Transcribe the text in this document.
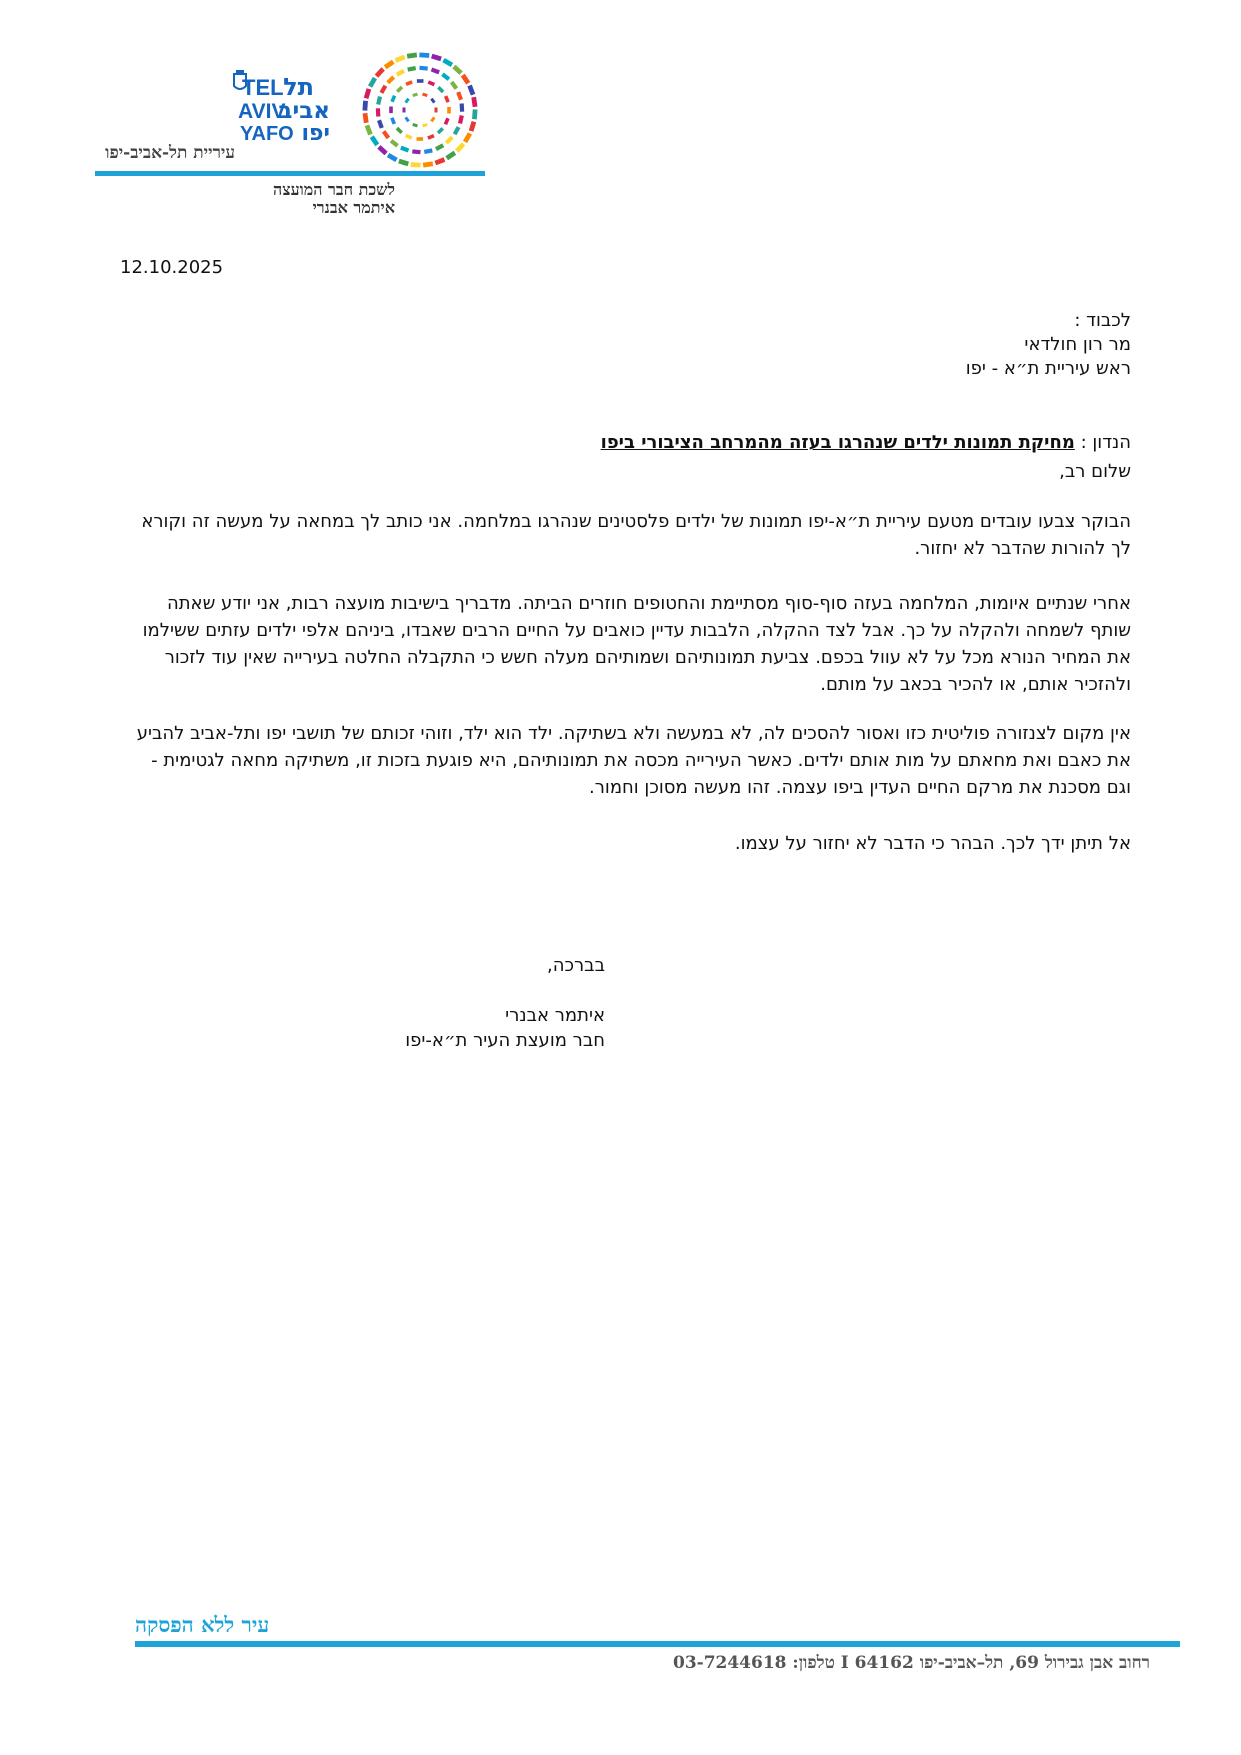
TEL
AVIV
YAFO
תל
אביב
יפו
עיריית תל-אביב-יפו
לשכת חבר המועצה
איתמר אבנרי
12.10.2025
לכבוד :
מר רון חולדאי
ראש עיריית ת״א - יפו
הנדון : מחיקת תמונות ילדים שנהרגו בעזה מהמרחב הציבורי ביפו
שלום רב,
הבוקר צבעו עובדים מטעם עיריית ת״א-יפו תמונות של ילדים פלסטינים שנהרגו במלחמה. אני כותב לך במחאה על מעשה זה וקורא לך להורות שהדבר לא יחזור.
אחרי שנתיים איומות, המלחמה בעזה סוף-סוף מסתיימת והחטופים חוזרים הביתה. מדבריך בישיבות מועצה רבות, אני יודע שאתה שותף לשמחה ולהקלה על כך. אבל לצד ההקלה, הלבבות עדיין כואבים על החיים הרבים שאבדו, ביניהם אלפי ילדים עזתים ששילמו את המחיר הנורא מכל על לא עוול בכפם. צביעת תמונותיהם ושמותיהם מעלה חשש כי התקבלה החלטה בעירייה שאין עוד לזכור ולהזכיר אותם, או להכיר בכאב על מותם.
אין מקום לצנזורה פוליטית כזו ואסור להסכים לה, לא במעשה ולא בשתיקה. ילד הוא ילד, וזוהי זכותם של תושבי יפו ותל-אביב להביע את כאבם ואת מחאתם על מות אותם ילדים. כאשר העירייה מכסה את תמונותיהם, היא פוגעת בזכות זו, משתיקה מחאה לגטימית - וגם מסכנת את מרקם החיים העדין ביפו עצמה. זהו מעשה מסוכן וחמור.
אל תיתן ידך לכך. הבהר כי הדבר לא יחזור על עצמו.
בברכה,
איתמר אבנרי
חבר מועצת העיר ת״א-יפו
עיר ללא הפסקה
רחוב אבן גבירול 69, תל–אביב-יפו 64162 I טלפון: 03-7244618
